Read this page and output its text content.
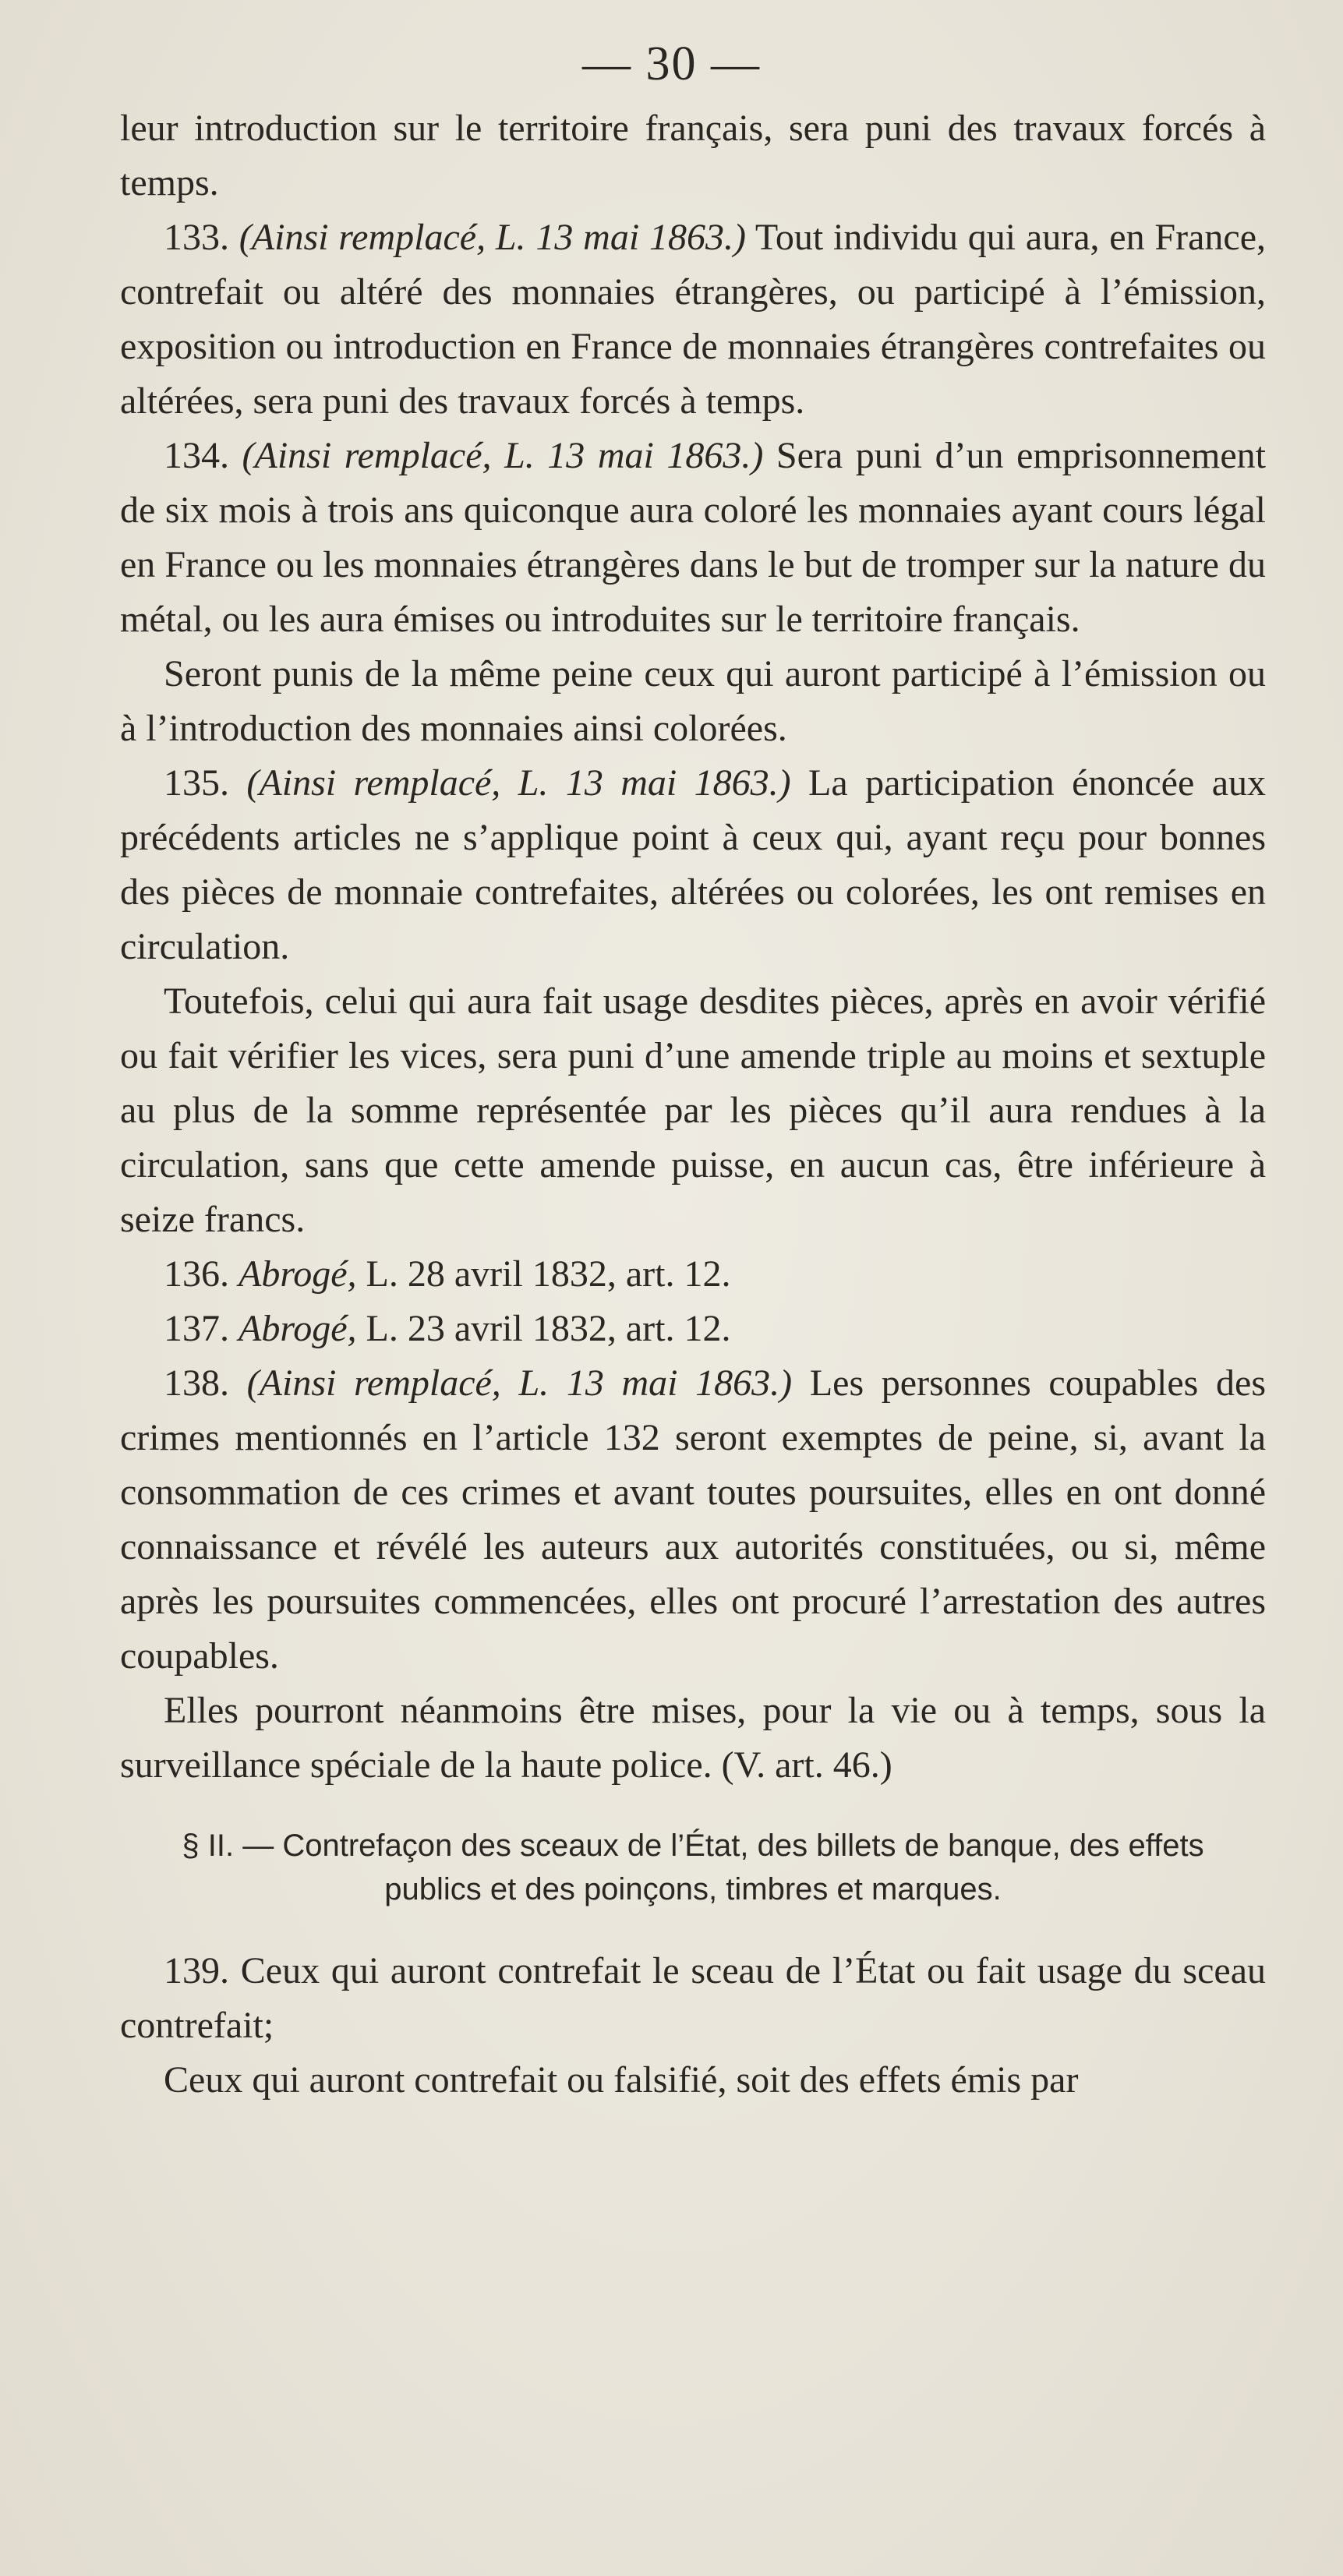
— 30 —

leur introduction sur le territoire français, sera puni des travaux forcés à temps.

133. (Ainsi remplacé, L. 13 mai 1863.) Tout individu qui aura, en France, contrefait ou altéré des monnaies étrangères, ou participé à l’émission, exposition ou introduction en France de monnaies étrangères contrefaites ou altérées, sera puni des travaux forcés à temps.

134. (Ainsi remplacé, L. 13 mai 1863.) Sera puni d’un emprisonnement de six mois à trois ans quiconque aura coloré les monnaies ayant cours légal en France ou les monnaies étrangères dans le but de tromper sur la nature du métal, ou les aura émises ou introduites sur le territoire français.

Seront punis de la même peine ceux qui auront participé à l’émission ou à l’introduction des monnaies ainsi colorées.

135. (Ainsi remplacé, L. 13 mai 1863.) La participation énoncée aux précédents articles ne s’applique point à ceux qui, ayant reçu pour bonnes des pièces de monnaie contrefaites, altérées ou colorées, les ont remises en circulation.

Toutefois, celui qui aura fait usage desdites pièces, après en avoir vérifié ou fait vérifier les vices, sera puni d’une amende triple au moins et sextuple au plus de la somme représentée par les pièces qu’il aura rendues à la circulation, sans que cette amende puisse, en aucun cas, être inférieure à seize francs.

136. Abrogé, L. 28 avril 1832, art. 12.

137. Abrogé, L. 23 avril 1832, art. 12.

138. (Ainsi remplacé, L. 13 mai 1863.) Les personnes coupables des crimes mentionnés en l’article 132 seront exemptes de peine, si, avant la consommation de ces crimes et avant toutes poursuites, elles en ont donné connaissance et révélé les auteurs aux autorités constituées, ou si, même après les poursuites commencées, elles ont procuré l’arrestation des autres coupables.

Elles pourront néanmoins être mises, pour la vie ou à temps, sous la surveillance spéciale de la haute police. (V. art. 46.)

§ II. — Contrefaçon des sceaux de l’État, des billets de banque, des effets
publics et des poinçons, timbres et marques.

139. Ceux qui auront contrefait le sceau de l’État ou fait usage du sceau contrefait;

Ceux qui auront contrefait ou falsifié, soit des effets émis par
